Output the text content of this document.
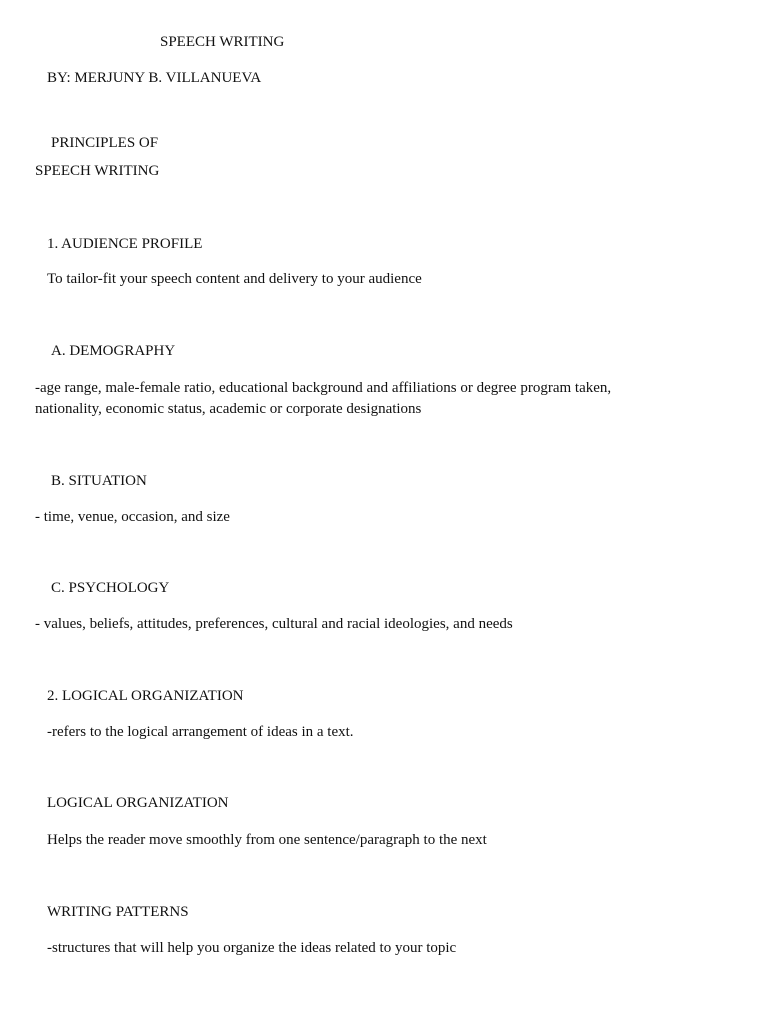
SPEECH WRITING

BY: MERJUNY B. VILLANUEVA

PRINCIPLES OF

SPEECH WRITING

1. AUDIENCE PROFILE

To tailor-fit your speech content and delivery to your audience

A. DEMOGRAPHY

-age range, male-female ratio, educational background and affiliations or degree program taken, nationality, economic status, academic or corporate designations

B. SITUATION

- time, venue, occasion, and size

C. PSYCHOLOGY

- values, beliefs, attitudes, preferences, cultural and racial ideologies, and needs

2. LOGICAL ORGANIZATION

-refers to the logical arrangement of ideas in a text.

LOGICAL ORGANIZATION

Helps the reader move smoothly from one sentence/paragraph to the next

WRITING PATTERNS

-structures that will help you organize the ideas related to your topic
